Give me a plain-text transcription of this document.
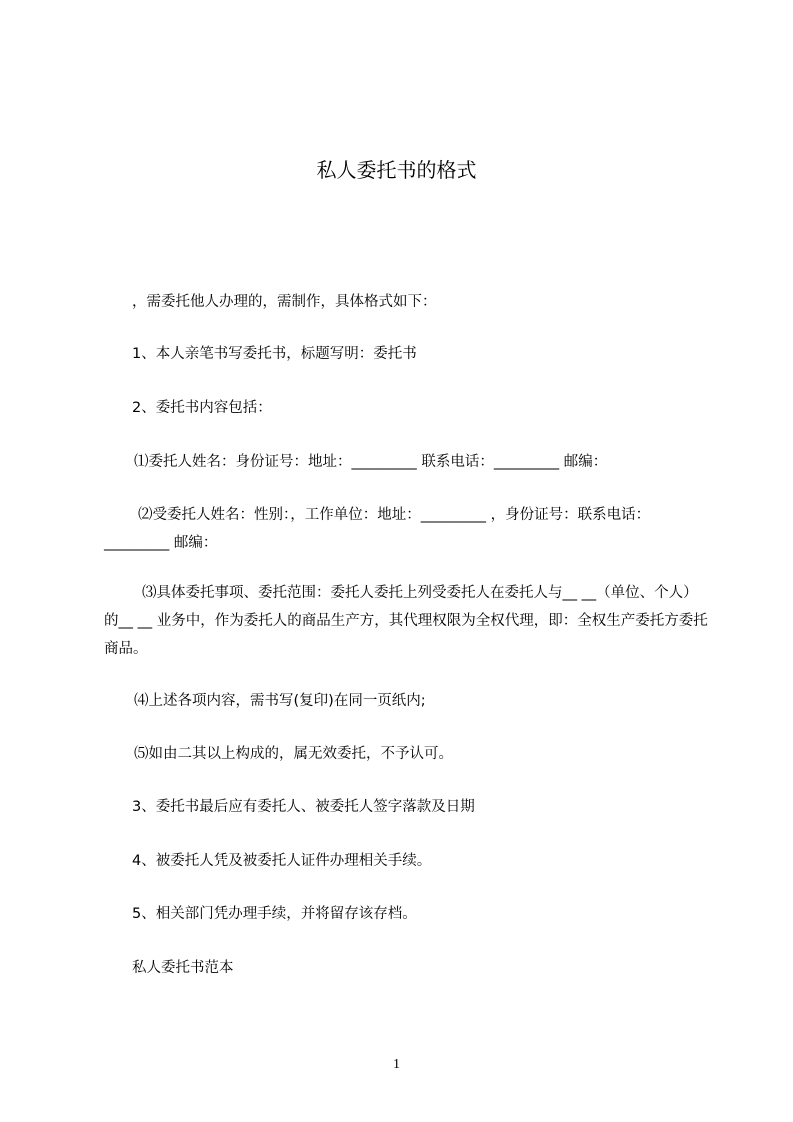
私人委托书的格式

，需委托他人办理的，需制作，具体格式如下：

1、本人亲笔书写委托书，标题写明：委托书

2、委托书内容包括：

⑴委托人姓名：身份证号：地址：_________ 联系电话：_________ 邮编：

⑵受委托人姓名：性别：，工作单位：地址：_________ ，身份证号：联系电话：_________ 邮编：

⑶具体委托事项、委托范围：委托人委托上列受委托人在委托人与__ __（单位、个人）的__ __ 业务中，作为委托人的商品生产方，其代理权限为全权代理，即：全权生产委托方委托商品。

⑷上述各项内容，需书写(复印)在同一页纸内;

⑸如由二其以上构成的，属无效委托，不予认可。

3、委托书最后应有委托人、被委托人签字落款及日期

4、被委托人凭及被委托人证件办理相关手续。

5、相关部门凭办理手续，并将留存该存档。

私人委托书范本

1
